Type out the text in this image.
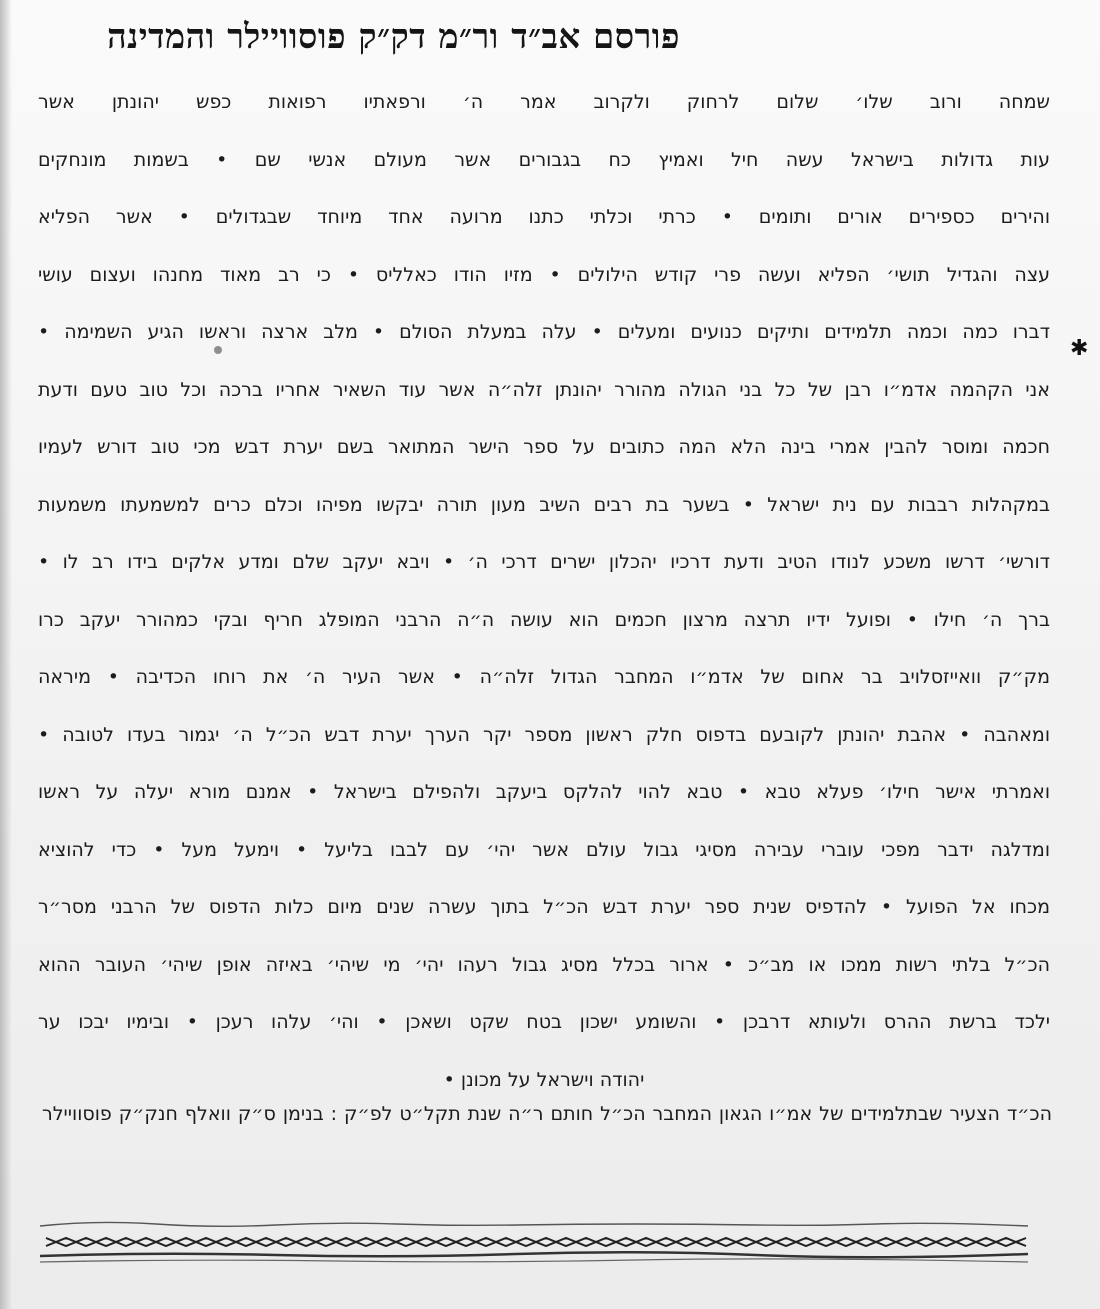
פורסם אב״ד ור״מ דק״ק פוסוויילר והמדינה
שמחה ורוב שלו׳ שלום לרחוק ולקרוב אמר ה׳ ורפאתיו רפואות כפש יהונתן אשר
עות גדולות בישראל עשה חיל ואמיץ כח בגבורים אשר מעולם אנשי שם • בשמות מונחקים
והירים כספירים אורים ותומים • כרתי וכלתי כתנו מרועה אחד מיוחד שבגדולים • אשר הפליא
עצה והגדיל תושי׳ הפליא ועשה פרי קודש הילולים • מזיו הודו כאלליס • כי רב מאוד מחנהו ועצום עושי
דברו כמה וכמה תלמידים ותיקים כנועים ומעלים • עלה במעלת הסולם • מלב ארצה וראשו הגיע השמימה •
אני הקהמה אדמ״ו רבן של כל בני הגולה מהורר יהונתן זלה״ה אשר עוד השאיר אחריו ברכה וכל טוב טעם ודעת
חכמה ומוסר להבין אמרי בינה הלא המה כתובים על ספר הישר המתואר בשם יערת דבש מכי טוב דורש לעמיו
במקהלות רבבות עם נית ישראל • בשער בת רבים השיב מעון תורה יבקשו מפיהו וכלם כרים למשמעתו משמעות
דורשי׳ דרשו משכע לנודו הטיב ודעת דרכיו יהכלון ישרים דרכי ה׳ • ויבא יעקב שלם ומדע אלקים בידו רב לו •
ברך ה׳ חילו • ופועל ידיו תרצה מרצון חכמים הוא עושה ה״ה הרבני המופלג חריף ובקי כמהורר יעקב כרו
מק״ק וואייזסלויב בר אחום של אדמ״ו המחבר הגדול זלה״ה • אשר העיר ה׳ את רוחו הכדיבה • מיראה
ומאהבה • אהבת יהונתן לקובעם בדפוס חלק ראשון מספר יקר הערך יערת דבש הכ״ל ה׳ יגמור בעדו לטובה •
ואמרתי אישר חילו׳ פעלא טבא • טבא להוי להלקס ביעקב ולהפילם בישראל • אמנם מורא יעלה על ראשו
ומדלגה ידבר מפכי עוברי עבירה מסיגי גבול עולם אשר יהי׳ עם לבבו בליעל • וימעל מעל • כדי להוציא
מכחו אל הפועל • להדפיס שנית ספר יערת דבש הכ״ל בתוך עשרה שנים מיום כלות הדפוס של הרבני מסר״ר
הכ״ל בלתי רשות ממכו או מב״כ • ארור בכלל מסיג גבול רעהו יהי׳ מי שיהי׳ באיזה אופן שיהי׳ העובר ההוא
ילכד ברשת ההרס ולעותא דרבכן • והשומע ישכון בטח שקט ושאכן • והי׳ עלהו רעכן • ובימיו יבכו ער
יהודה וישראל על מכונן •
הכ״ד הצעיר שבתלמידים של אמ״ו הגאון המחבר הכ״ל חותם ר״ה שנת תקל״ט לפ״ק : בנימן ס״ק וואלף חנק״ק פוסוויילר
✱
